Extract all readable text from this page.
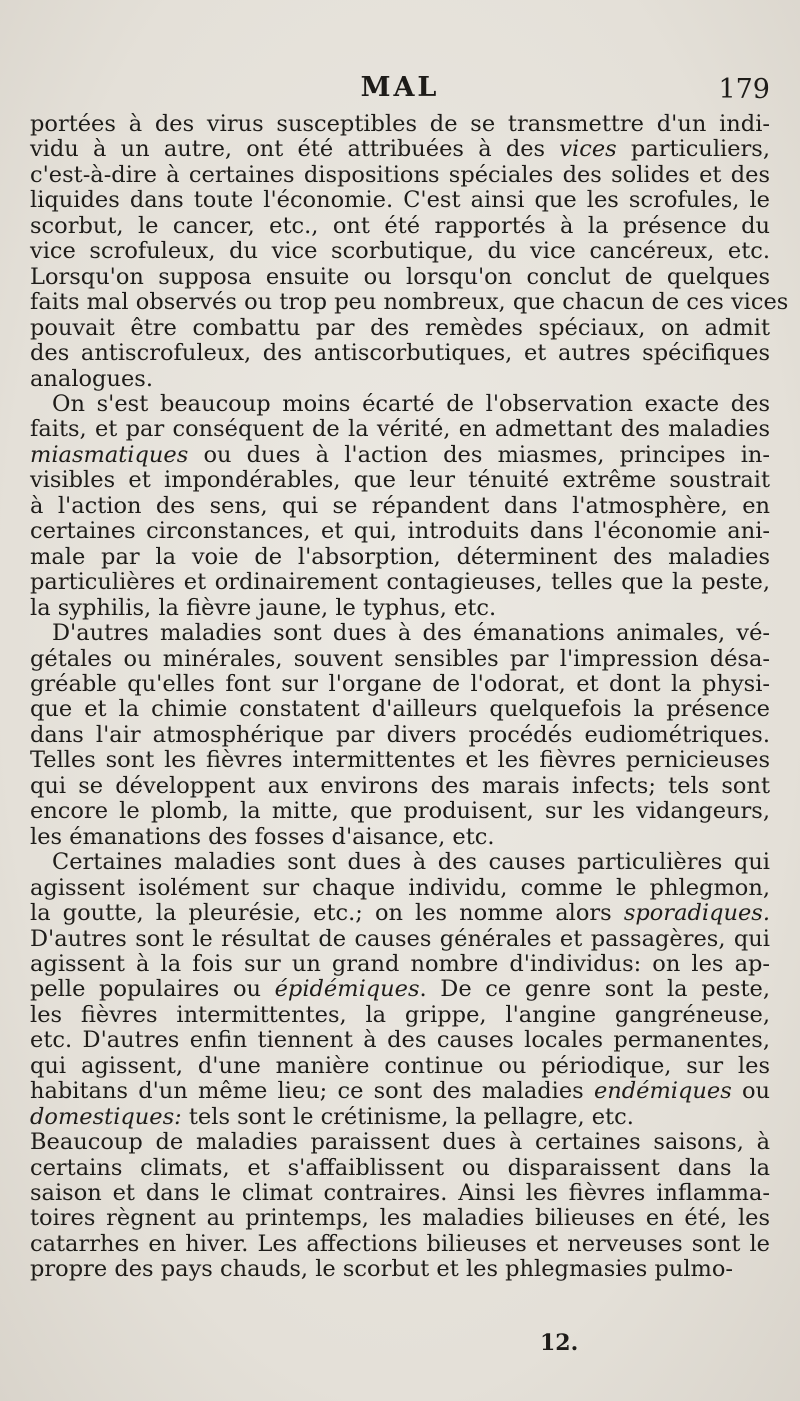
MAL	179
portées à des virus susceptibles de se transmettre d'un indi-
vidu à un autre, ont été attribuées à des vices particuliers,
c'est-à-dire à certaines dispositions spéciales des solides et des
liquides dans toute l'économie. C'est ainsi que les scrofules, le
scorbut, le cancer, etc., ont été rapportés à la présence du
vice scrofuleux, du vice scorbutique, du vice cancéreux, etc.
Lorsqu'on supposa ensuite ou lorsqu'on conclut de quelques
faits mal observés ou trop peu nombreux, que chacun de ces vices
pouvait être combattu par des remèdes spéciaux, on admit
des antiscrofuleux, des antiscorbutiques, et autres spécifiques
analogues.
On s'est beaucoup moins écarté de l'observation exacte des
faits, et par conséquent de la vérité, en admettant des maladies
miasmatiques ou dues à l'action des miasmes, principes in-
visibles et impondérables, que leur ténuité extrême soustrait
à l'action des sens, qui se répandent dans l'atmosphère, en
certaines circonstances, et qui, introduits dans l'économie ani-
male par la voie de l'absorption, déterminent des maladies
particulières et ordinairement contagieuses, telles que la peste,
la syphilis, la fièvre jaune, le typhus, etc.
D'autres maladies sont dues à des émanations animales, vé-
gétales ou minérales, souvent sensibles par l'impression désa-
gréable qu'elles font sur l'organe de l'odorat, et dont la physi-
que et la chimie constatent d'ailleurs quelquefois la présence
dans l'air atmosphérique par divers procédés eudiométriques.
Telles sont les fièvres intermittentes et les fièvres pernicieuses
qui se développent aux environs des marais infects; tels sont
encore le plomb, la mitte, que produisent, sur les vidangeurs,
les émanations des fosses d'aisance, etc.
Certaines maladies sont dues à des causes particulières qui
agissent isolément sur chaque individu, comme le phlegmon,
la goutte, la pleurésie, etc.; on les nomme alors sporadiques.
D'autres sont le résultat de causes générales et passagères, qui
agissent à la fois sur un grand nombre d'individus: on les ap-
pelle populaires ou épidémiques. De ce genre sont la peste,
les fièvres intermittentes, la grippe, l'angine gangréneuse,
etc. D'autres enfin tiennent à des causes locales permanentes,
qui agissent, d'une manière continue ou périodique, sur les
habitans d'un même lieu; ce sont des maladies endémiques ou
domestiques: tels sont le crétinisme, la pellagre, etc.
Beaucoup de maladies paraissent dues à certaines saisons, à
certains climats, et s'affaiblissent ou disparaissent dans la
saison et dans le climat contraires. Ainsi les fièvres inflamma-
toires règnent au printemps, les maladies bilieuses en été, les
catarrhes en hiver. Les affections bilieuses et nerveuses sont le
propre des pays chauds, le scorbut et les phlegmasies pulmo-
12.
